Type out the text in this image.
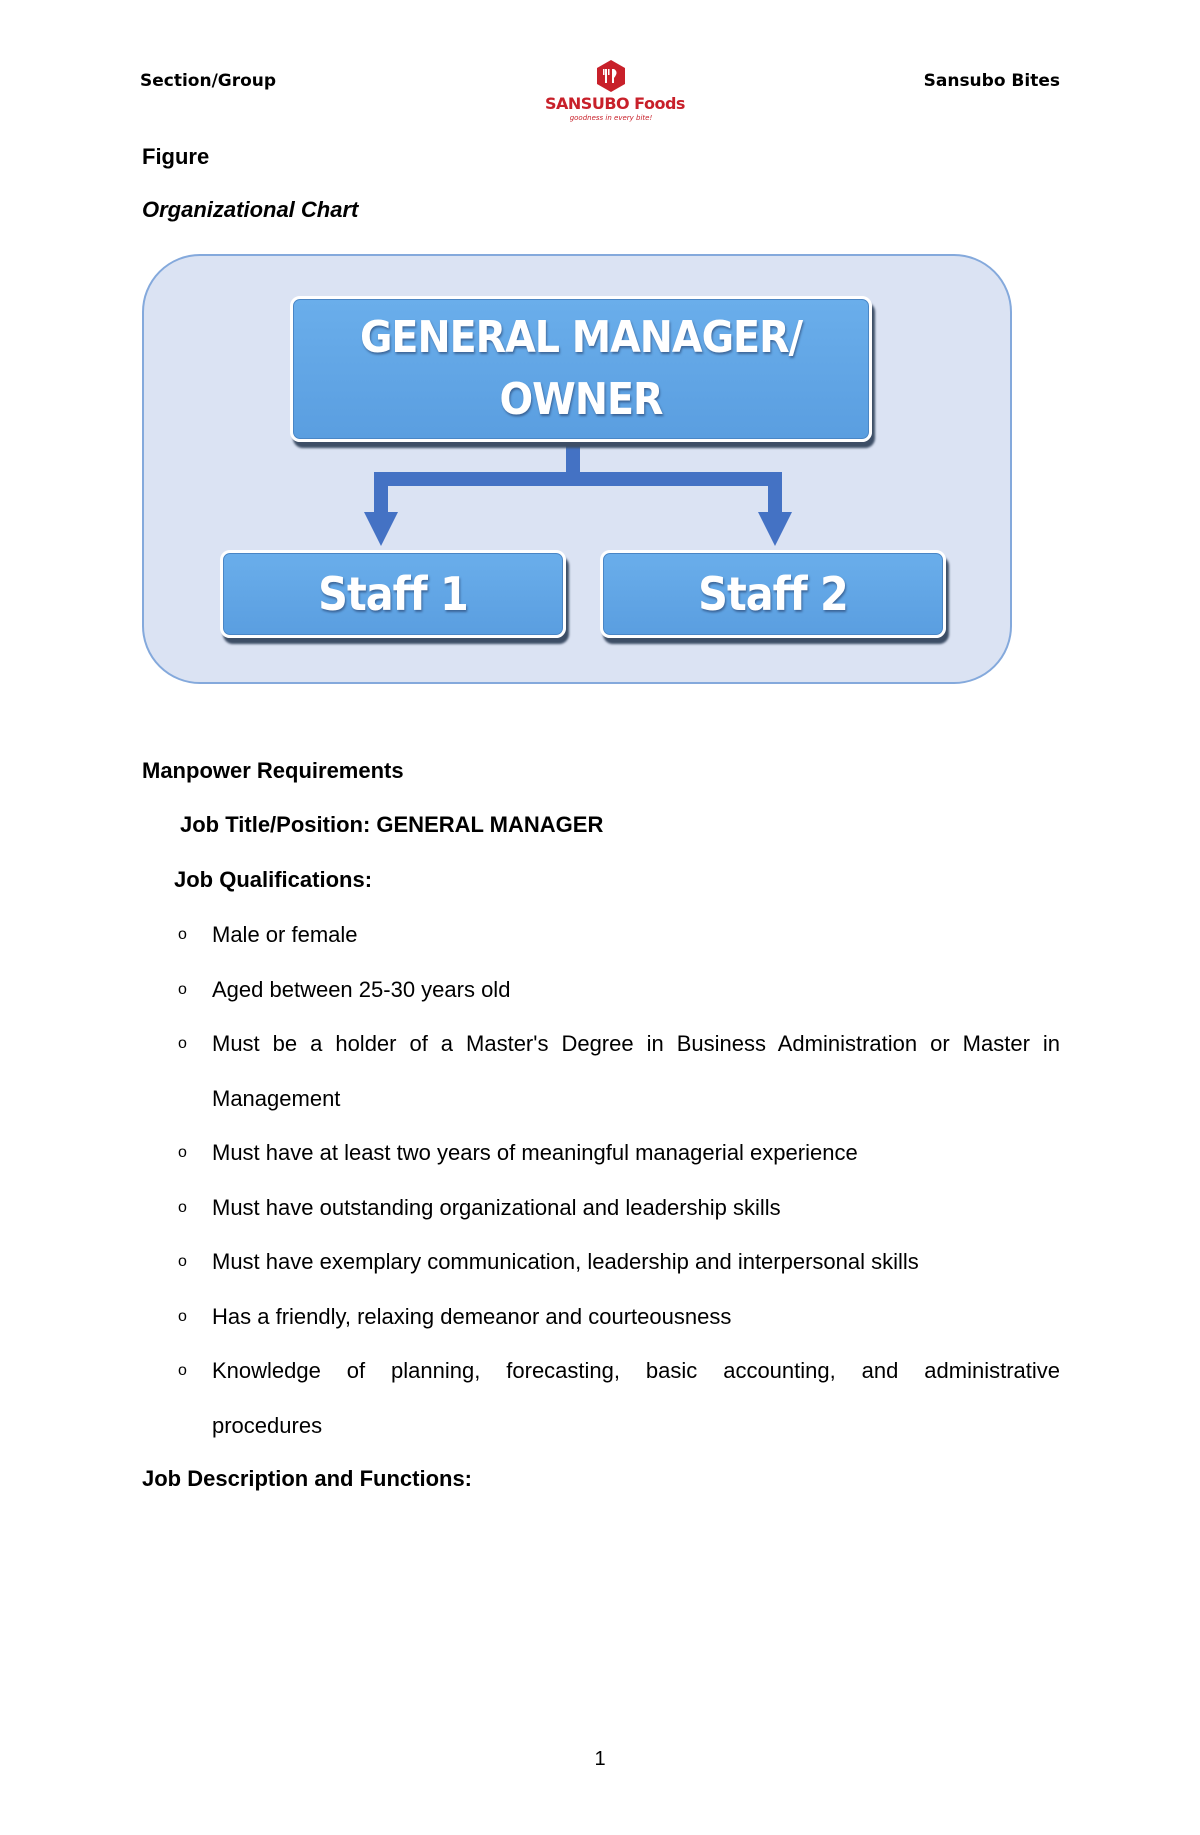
Section/Group
SANSUBO Foods
goodness in every bite!
Sansubo Bites
Figure
Organizational Chart
GENERAL MANAGER/
OWNER
Staff 1	Staff 2
Manpower Requirements
Job Title/Position: GENERAL MANAGER
Job Qualifications:
o Male or female
o Aged between 25-30 years old
o Must be a holder of a Master's Degree in Business Administration or Master in
Management
o Must have at least two years of meaningful managerial experience
o Must have outstanding organizational and leadership skills
o Must have exemplary communication, leadership and interpersonal skills
o Has a friendly, relaxing demeanor and courteousness
o Knowledge of planning, forecasting, basic accounting, and administrative
procedures
Job Description and Functions:
1
